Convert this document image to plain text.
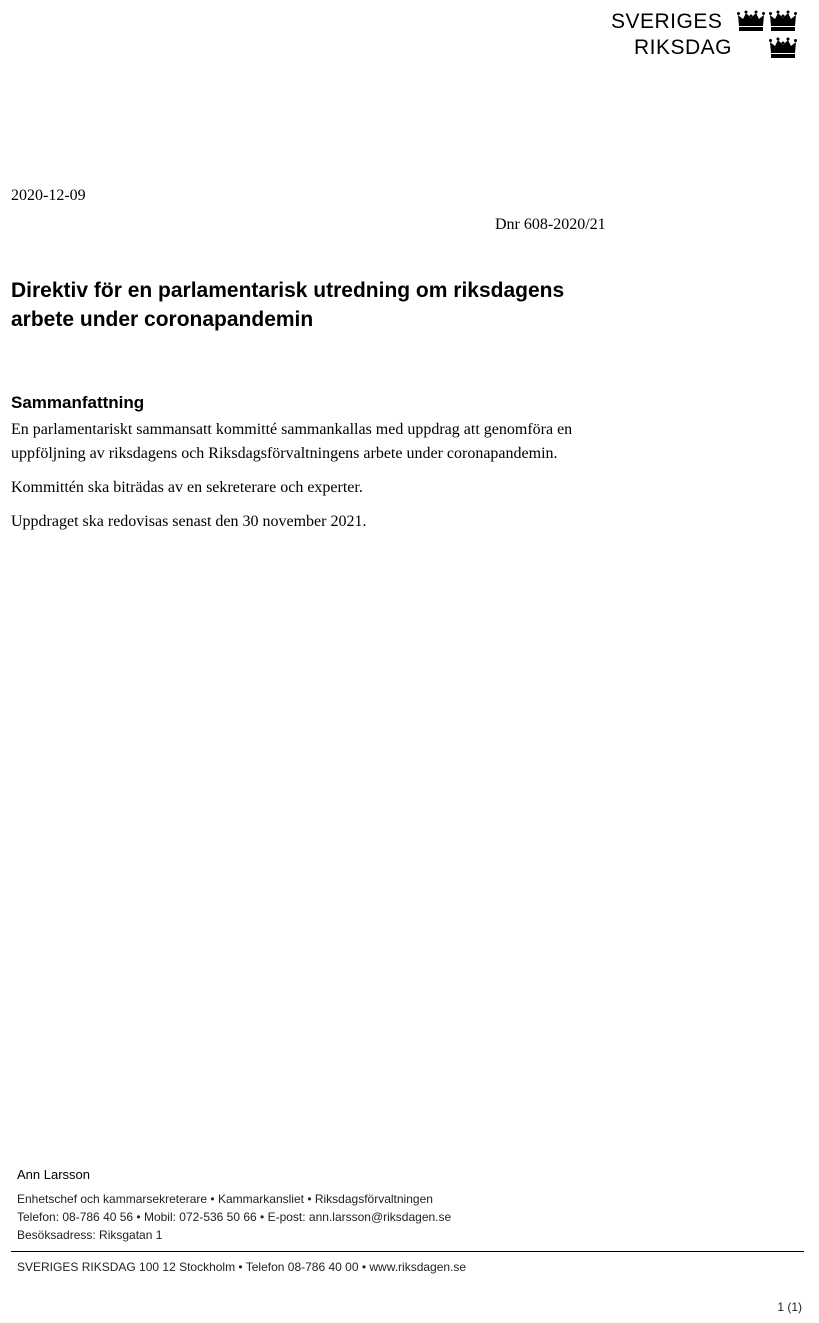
SVERIGES
RIKSDAG
2020-12-09
Dnr 608-2020/21
Direktiv för en parlamentarisk utredning om riksdagens arbete under coronapandemin
Sammanfattning

En parlamentariskt sammansatt kommitté sammankallas med uppdrag att genomföra en uppföljning av riksdagens och Riksdagsförvaltningens arbete under coronapandemin.

Kommittén ska biträdas av en sekreterare och experter.

Uppdraget ska redovisas senast den 30 november 2021.

Ann Larsson
Enhetschef och kammarsekreterare • Kammarkansliet • Riksdagsförvaltningen
Telefon: 08-786 40 56 • Mobil: 072-536 50 66 • E-post: ann.larsson@riksdagen.se
Besöksadress: Riksgatan 1
SVERIGES RIKSDAG 100 12 Stockholm • Telefon 08-786 40 00 • www.riksdagen.se
1 (1)
